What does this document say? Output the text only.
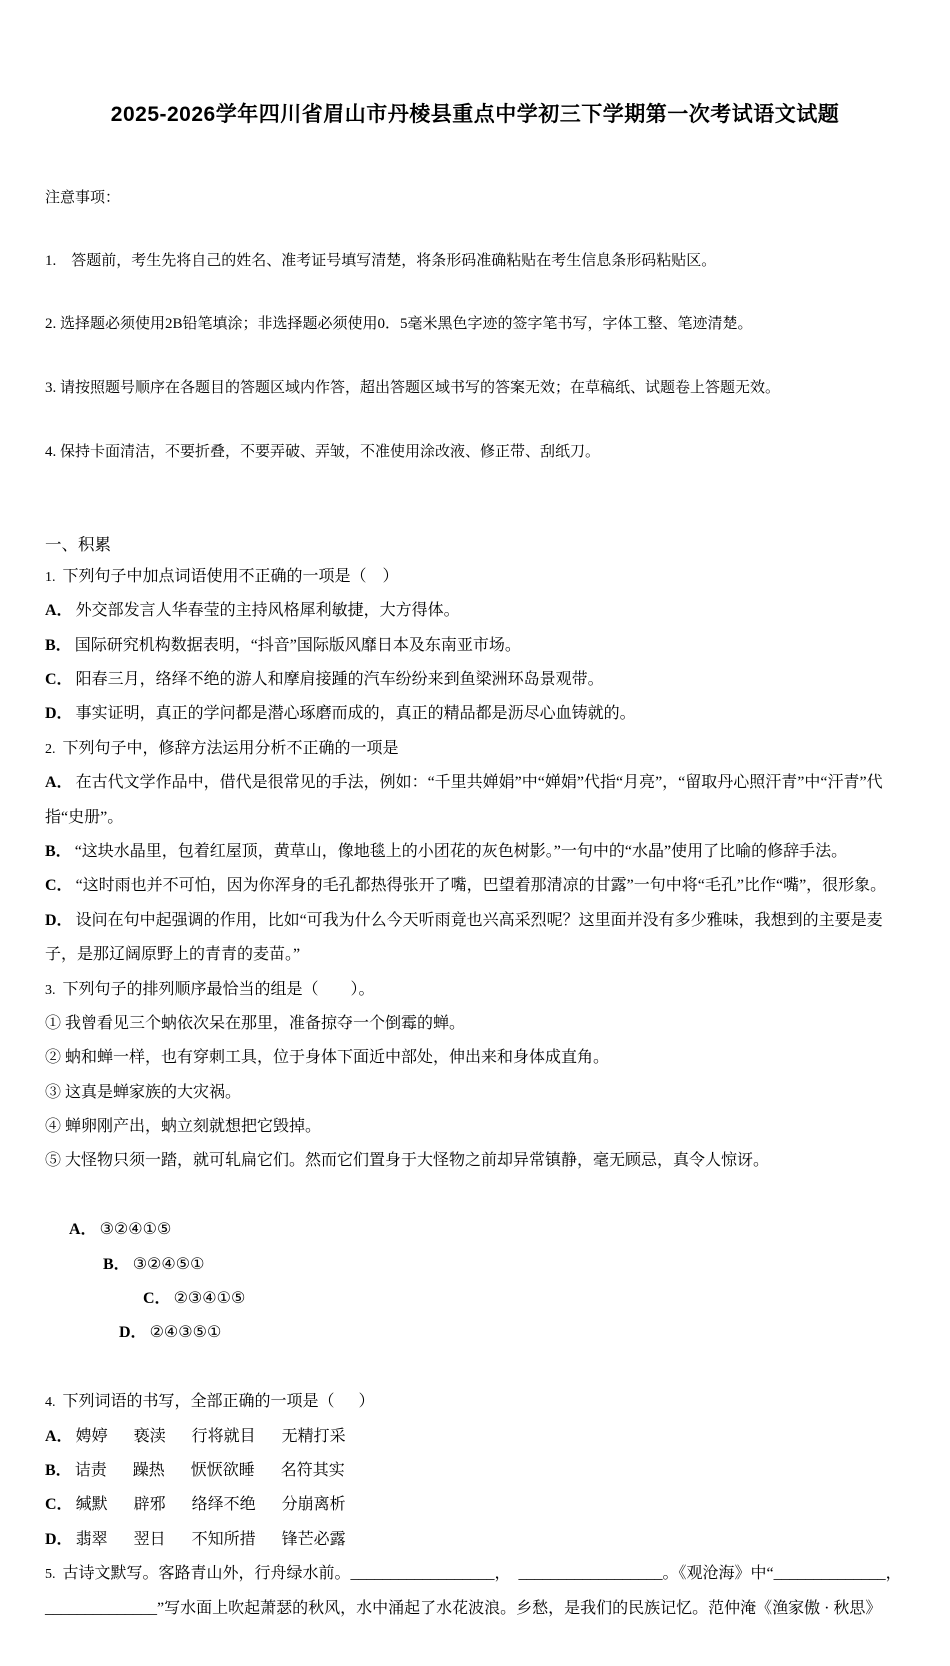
2025-2026学年四川省眉山市丹棱县重点中学初三下学期第一次考试语文试题

注意事项：

1.    答题前，考生先将自己的姓名、准考证号填写清楚，将条形码准确粘贴在考生信息条形码粘贴区。

2. 选择题必须使用2B铅笔填涂；非选择题必须使用0．5毫米黑色字迹的签字笔书写，字体工整、笔迹清楚。

3. 请按照题号顺序在各题目的答题区域内作答，超出答题区域书写的答案无效；在草稿纸、试题卷上答题无效。

4. 保持卡面清洁，不要折叠，不要弄破、弄皱，不准使用涂改液、修正带、刮纸刀。

一、积累
1. 下列句子中加点词语使用不正确的一项是（    ）
A． 外交部发言人华春莹的主持风格犀利敏捷，大方得体。
B． 国际研究机构数据表明，“抖音”国际版风靡日本及东南亚市场。
C． 阳春三月，络绎不绝的游人和摩肩接踵的汽车纷纷来到鱼梁洲环岛景观带。
D． 事实证明，真正的学问都是潜心琢磨而成的，真正的精品都是沥尽心血铸就的。
2. 下列句子中，修辞方法运用分析不正确的一项是
A． 在古代文学作品中，借代是很常见的手法，例如：“千里共婵娟”中“婵娟”代指“月亮”，“留取丹心照汗青”中“汗青”代指“史册”。
B． “这块水晶里，包着红屋顶，黄草山，像地毯上的小团花的灰色树影。”一句中的“水晶”使用了比喻的修辞手法。
C． “这时雨也并不可怕，因为你浑身的毛孔都热得张开了嘴，巴望着那清凉的甘露”一句中将“毛孔”比作“嘴”，很形象。
D． 设问在句中起强调的作用，比如“可我为什么今天听雨竟也兴高采烈呢？这里面并没有多少雅味，我想到的主要是麦子，是那辽阔原野上的青青的麦苗。”
3. 下列句子的排列顺序最恰当的组是（        ）。
① 我曾看见三个蚋依次呆在那里，准备掠夺一个倒霉的蝉。
② 蚋和蝉一样，也有穿刺工具，位于身体下面近中部处，伸出来和身体成直角。
③ 这真是蝉家族的大灾祸。
④ 蝉卵刚产出，蚋立刻就想把它毁掉。
⑤ 大怪物只须一踏，就可轧扁它们。然而它们置身于大怪物之前却异常镇静，毫无顾忌，真令人惊讶。

A． ③②④①⑤
B． ③②④⑤①
C． ②③④①⑤
D． ②④③⑤①

4. 下列词语的书写，全部正确的一项是（      ）
A． 娉婷 亵渎 行将就目 无精打采
B． 诘责 躁热 恹恹欲睡 名符其实
C． 缄默 辟邪 络绎不绝 分崩离析
D． 翡翠 翌日 不知所措 锋芒必露
5. 古诗文默写。客路青山外，行舟绿水前。__________________，  __________________。《观沧海》中“______________，______________”写水面上吹起萧瑟的秋风，水中涌起了水花波浪。乡愁，是我们的民族记忆。范仲淹《渔家傲 · 秋思》
